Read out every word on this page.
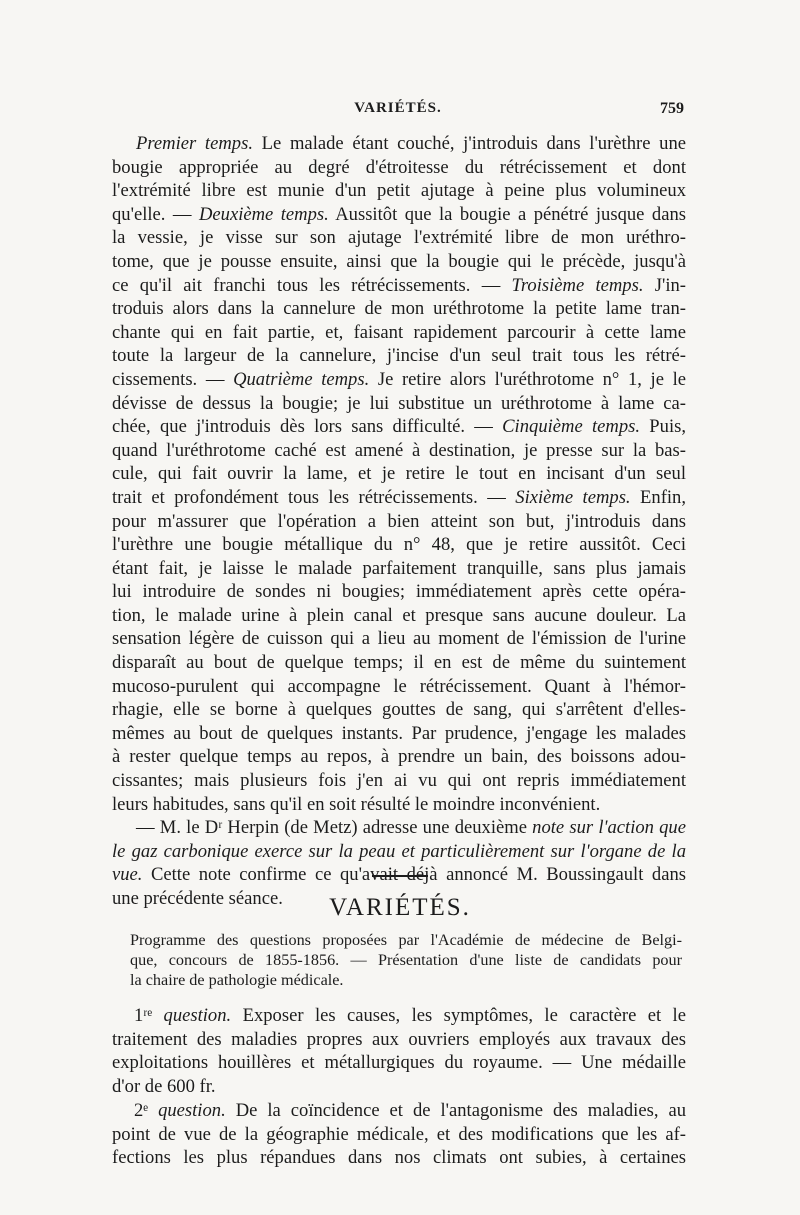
VARIÉTÉS.	759
Premier temps. Le malade étant couché, j'introduis dans l'urèthre une
bougie appropriée au degré d'étroitesse du rétrécissement et dont
l'extrémité libre est munie d'un petit ajutage à peine plus volumineux
qu'elle. — Deuxième temps. Aussitôt que la bougie a pénétré jusque dans
la vessie, je visse sur son ajutage l'extrémité libre de mon uréthro-
tome, que je pousse ensuite, ainsi que la bougie qui le précède, jusqu'à
ce qu'il ait franchi tous les rétrécissements. — Troisième temps. J'in-
troduis alors dans la cannelure de mon uréthrotome la petite lame tran-
chante qui en fait partie, et, faisant rapidement parcourir à cette lame
toute la largeur de la cannelure, j'incise d'un seul trait tous les rétré-
cissements. — Quatrième temps. Je retire alors l'uréthrotome n° 1, je le
dévisse de dessus la bougie; je lui substitue un uréthrotome à lame ca-
chée, que j'introduis dès lors sans difficulté. — Cinquième temps. Puis,
quand l'uréthrotome caché est amené à destination, je presse sur la bas-
cule, qui fait ouvrir la lame, et je retire le tout en incisant d'un seul
trait et profondément tous les rétrécissements. — Sixième temps. Enfin,
pour m'assurer que l'opération a bien atteint son but, j'introduis dans
l'urèthre une bougie métallique du n° 48, que je retire aussitôt. Ceci
étant fait, je laisse le malade parfaitement tranquille, sans plus jamais
lui introduire de sondes ni bougies; immédiatement après cette opéra-
tion, le malade urine à plein canal et presque sans aucune douleur. La
sensation légère de cuisson qui a lieu au moment de l'émission de l'urine
disparaît au bout de quelque temps; il en est de même du suintement
mucoso-purulent qui accompagne le rétrécissement. Quant à l'hémor-
rhagie, elle se borne à quelques gouttes de sang, qui s'arrêtent d'elles-
mêmes au bout de quelques instants. Par prudence, j'engage les malades
à rester quelque temps au repos, à prendre un bain, des boissons adou-
cissantes; mais plusieurs fois j'en ai vu qui ont repris immédiatement
leurs habitudes, sans qu'il en soit résulté le moindre inconvénient.
— M. le Dʳ Herpin (de Metz) adresse une deuxième note sur l'action que
le gaz carbonique exerce sur la peau et particulièrement sur l'organe de la
vue. Cette note confirme ce qu'avait déjà annoncé M. Boussingault dans
une précédente séance.	VARIÉTÉS.
Programme des questions proposées par l'Académie de médecine de Belgi-
que, concours de 1855-1856. — Présentation d'une liste de candidats pour
la chaire de pathologie médicale.
1ʳᵉ question. Exposer les causes, les symptômes, le caractère et le
traitement des maladies propres aux ouvriers employés aux travaux des
exploitations houillères et métallurgiques du royaume. — Une médaille
d'or de 600 fr.
2ᵉ question. De la coïncidence et de l'antagonisme des maladies, au
point de vue de la géographie médicale, et des modifications que les af-
fections les plus répandues dans nos climats ont subies, à certaines
